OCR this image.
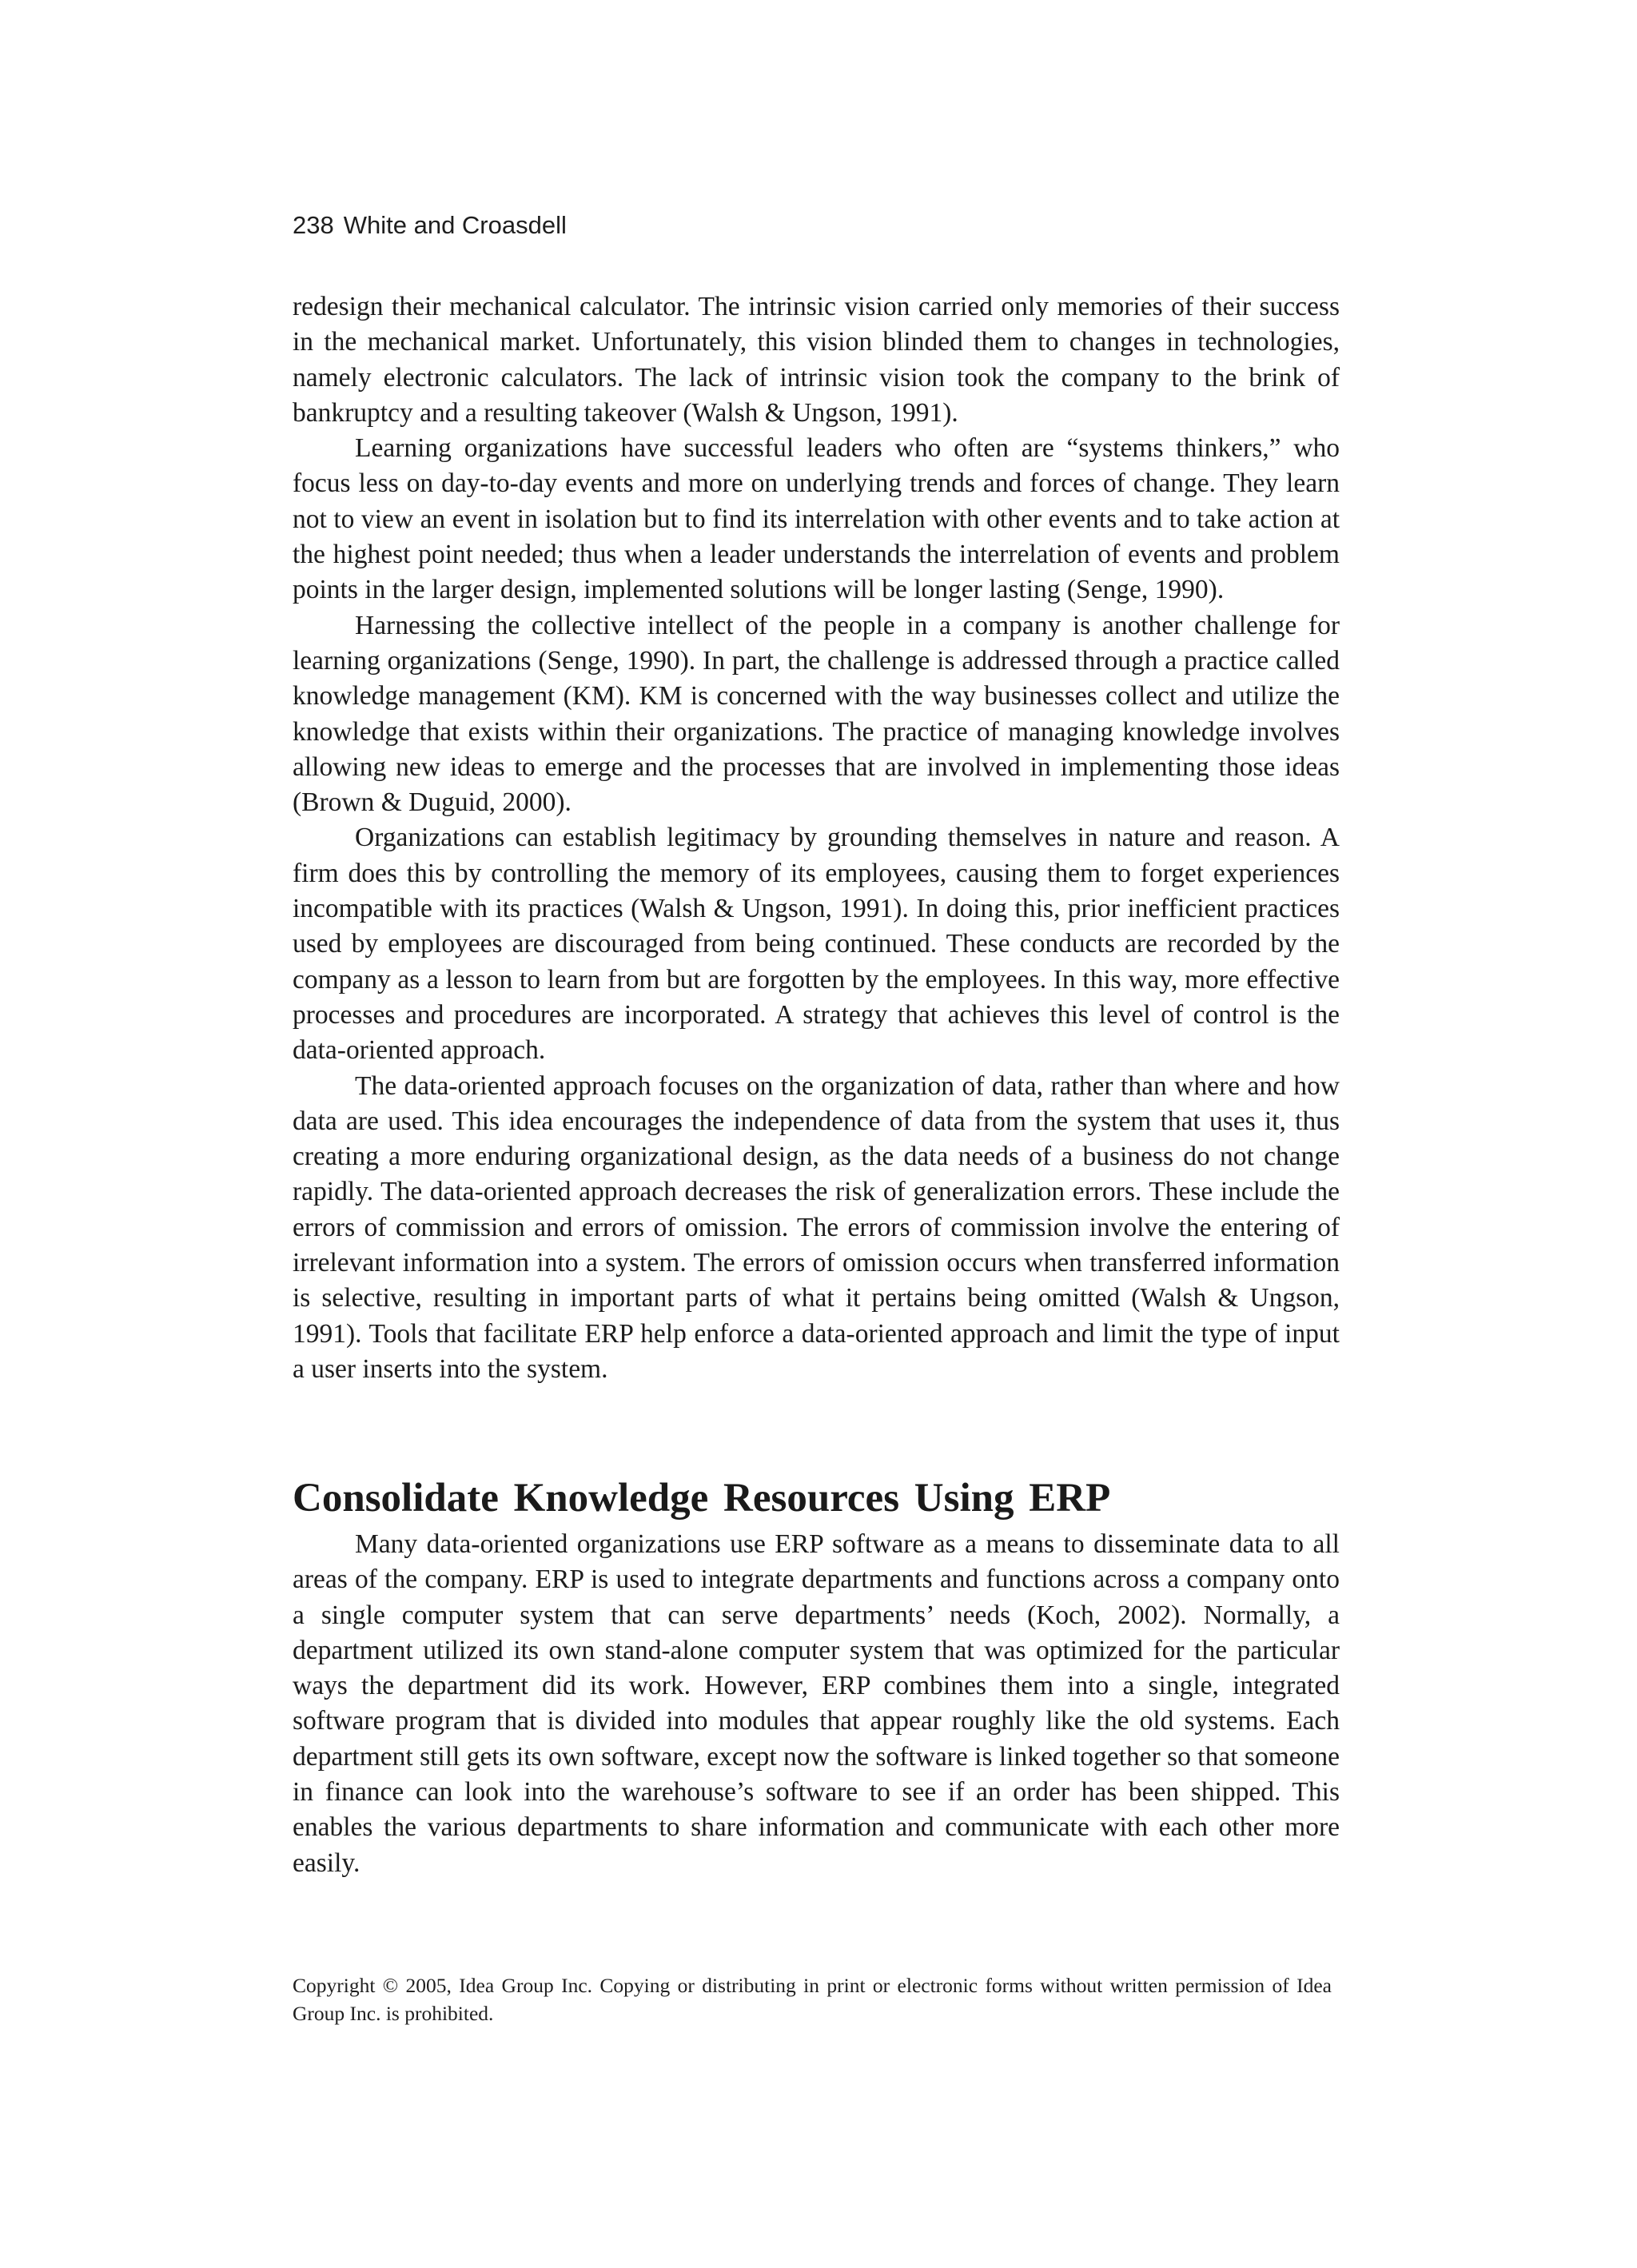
238 White and Croasdell

redesign their mechanical calculator. The intrinsic vision carried only memories of their success in the mechanical market. Unfortunately, this vision blinded them to changes in technologies, namely electronic calculators. The lack of intrinsic vision took the company to the brink of bankruptcy and a resulting takeover (Walsh & Ungson, 1991).

Learning organizations have successful leaders who often are “systems thinkers,” who focus less on day-to-day events and more on underlying trends and forces of change. They learn not to view an event in isolation but to find its interrelation with other events and to take action at the highest point needed; thus when a leader understands the interrelation of events and problem points in the larger design, implemented solutions will be longer lasting (Senge, 1990).

Harnessing the collective intellect of the people in a company is another challenge for learning organizations (Senge, 1990). In part, the challenge is addressed through a practice called knowledge management (KM). KM is concerned with the way businesses collect and utilize the knowledge that exists within their organizations. The practice of managing knowledge involves allowing new ideas to emerge and the processes that are involved in implementing those ideas (Brown & Duguid, 2000).

Organizations can establish legitimacy by grounding themselves in nature and reason. A firm does this by controlling the memory of its employees, causing them to forget experiences incompatible with its practices (Walsh & Ungson, 1991). In doing this, prior inefficient practices used by employees are discouraged from being continued. These conducts are recorded by the company as a lesson to learn from but are forgotten by the employees. In this way, more effective processes and procedures are incorporated. A strategy that achieves this level of control is the data-oriented approach.

The data-oriented approach focuses on the organization of data, rather than where and how data are used. This idea encourages the independence of data from the system that uses it, thus creating a more enduring organizational design, as the data needs of a business do not change rapidly. The data-oriented approach decreases the risk of generalization errors. These include the errors of commission and errors of omission. The errors of commission involve the entering of irrelevant information into a system. The errors of omission occurs when transferred information is selective, resulting in important parts of what it pertains being omitted (Walsh & Ungson, 1991). Tools that facilitate ERP help enforce a data-oriented approach and limit the type of input a user inserts into the system.

Consolidate Knowledge Resources Using ERP

Many data-oriented organizations use ERP software as a means to disseminate data to all areas of the company. ERP is used to integrate departments and functions across a company onto a single computer system that can serve departments’ needs (Koch, 2002). Normally, a department utilized its own stand-alone computer system that was optimized for the particular ways the department did its work. However, ERP combines them into a single, integrated software program that is divided into modules that appear roughly like the old systems. Each department still gets its own software, except now the software is linked together so that someone in finance can look into the warehouse’s software to see if an order has been shipped. This enables the various departments to share information and communicate with each other more easily.

Copyright © 2005, Idea Group Inc. Copying or distributing in print or electronic forms without written permission of Idea Group Inc. is prohibited.
